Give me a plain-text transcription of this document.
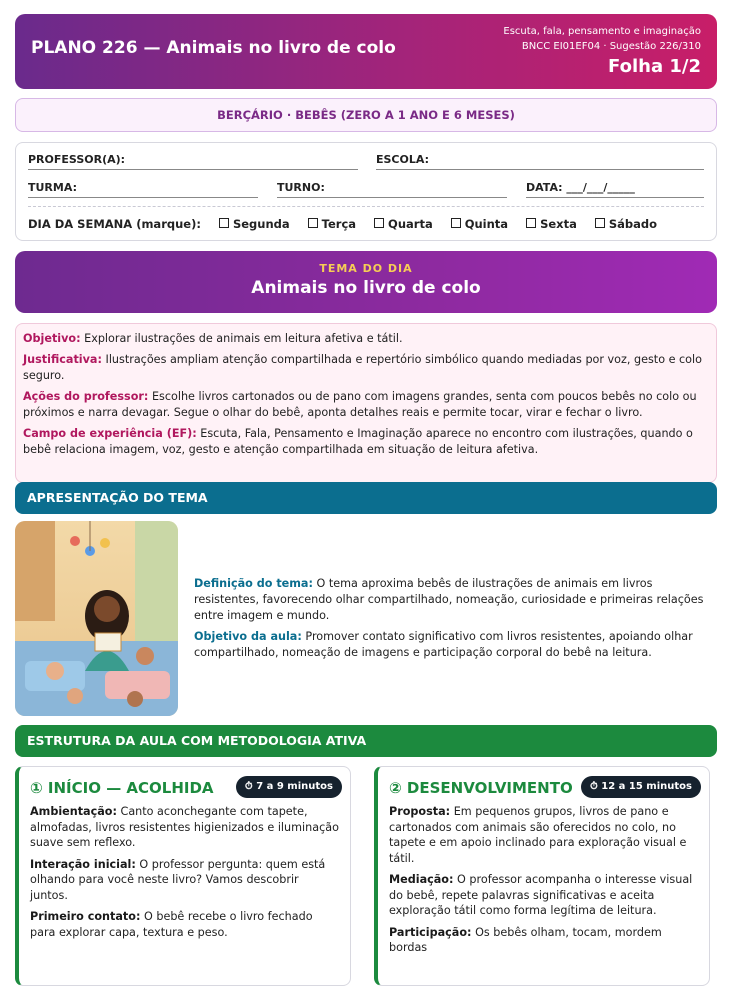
PLANO 226 — Animais no livro de colo
Escuta, fala, pensamento e imaginação
BNCC EI01EF04 · Sugestão 226/310
Folha 1/2
BERÇÁRIO · BEBÊS (ZERO A 1 ANO E 6 MESES)
PROFESSOR(A):	ESCOLA:
TURMA:	TURNO:	DATA: ___/___/_____
DIA DA SEMANA (marque):	Segunda	Terça	Quarta	Quinta	Sexta	Sábado
TEMA DO DIA
Animais no livro de colo

Objetivo: Explorar ilustrações de animais em leitura afetiva e tátil.

Justificativa: Ilustrações ampliam atenção compartilhada e repertório simbólico quando mediadas por voz, gesto e colo seguro.

Ações do professor: Escolhe livros cartonados ou de pano com imagens grandes, senta com poucos bebês no colo ou próximos e narra devagar. Segue o olhar do bebê, aponta detalhes reais e permite tocar, virar e fechar o livro.

Campo de experiência (EF): Escuta, Fala, Pensamento e Imaginação aparece no encontro com ilustrações, quando o bebê relaciona imagem, voz, gesto e atenção compartilhada em situação de leitura afetiva.

APRESENTAÇÃO DO TEMA

Definição do tema: O tema aproxima bebês de ilustrações de animais em livros resistentes, favorecendo olhar compartilhado, nomeação, curiosidade e primeiras relações entre imagem e mundo.

Objetivo da aula: Promover contato significativo com livros resistentes, apoiando olhar compartilhado, nomeação de imagens e participação corporal do bebê na leitura.

ESTRUTURA DA AULA COM METODOLOGIA ATIVA
① INÍCIO — ACOLHIDA	⏱ 7 a 9 minutos

Ambientação: Canto aconchegante com tapete, almofadas, livros resistentes higienizados e iluminação suave sem reflexo.

Interação inicial: O professor pergunta: quem está olhando para você neste livro? Vamos descobrir juntos.

Primeiro contato: O bebê recebe o livro fechado para explorar capa, textura e peso.

② DESENVOLVIMENTO	⏱ 12 a 15 minutos

Proposta: Em pequenos grupos, livros de pano e cartonados com animais são oferecidos no colo, no tapete e em apoio inclinado para exploração visual e tátil.

Mediação: O professor acompanha o interesse visual do bebê, repete palavras significativas e aceita exploração tátil como forma legítima de leitura.

Participação: Os bebês olham, tocam, mordem bordas
